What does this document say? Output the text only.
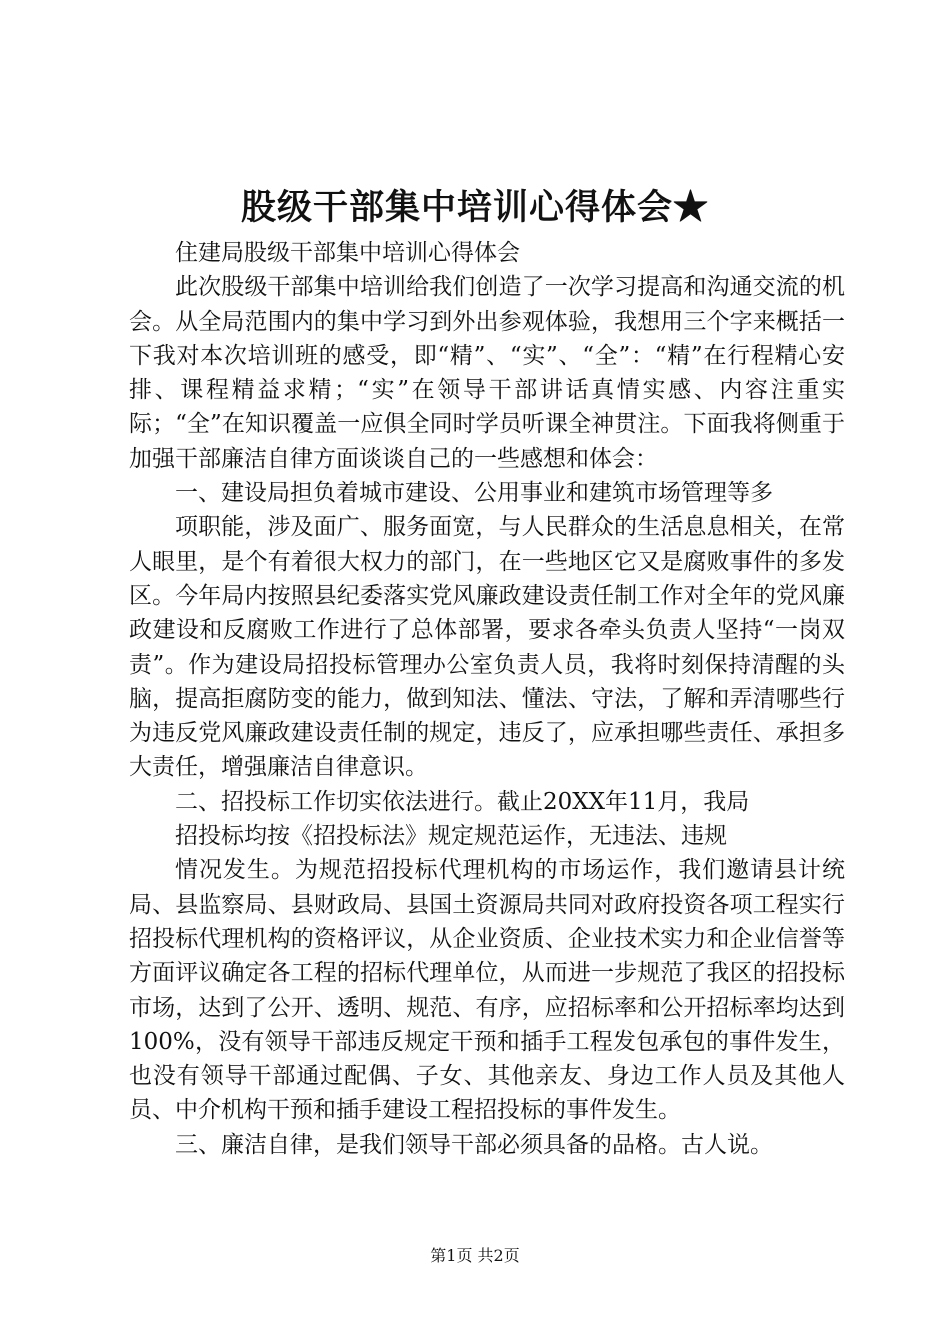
股级干部集中培训心得体会★

住建局股级干部集中培训心得体会

此次股级干部集中培训给我们创造了一次学习提高和沟通交流的机会。从全局范围内的集中学习到外出参观体验，我想用三个字来概括一下我对本次培训班的感受，即“精”、“实”、“全”：“精”在行程精心安排、课程精益求精；“实”在领导干部讲话真情实感、内容注重实际；“全”在知识覆盖一应俱全同时学员听课全神贯注。下面我将侧重于加强干部廉洁自律方面谈谈自己的一些感想和体会：

一、建设局担负着城市建设、公用事业和建筑市场管理等多

项职能，涉及面广、服务面宽，与人民群众的生活息息相关，在常人眼里，是个有着很大权力的部门，在一些地区它又是腐败事件的多发区。今年局内按照县纪委落实党风廉政建设责任制工作对全年的党风廉政建设和反腐败工作进行了总体部署，要求各牵头负责人坚持“一岗双责”。作为建设局招投标管理办公室负责人员，我将时刻保持清醒的头脑，提高拒腐防变的能力，做到知法、懂法、守法，了解和弄清哪些行为违反党风廉政建设责任制的规定，违反了，应承担哪些责任、承担多大责任，增强廉洁自律意识。

二、招投标工作切实依法进行。截止20XX年11月，我局

招投标均按《招投标法》规定规范运作，无违法、违规

情况发生。为规范招投标代理机构的市场运作，我们邀请县计统局、县监察局、县财政局、县国土资源局共同对政府投资各项工程实行招投标代理机构的资格评议，从企业资质、企业技术实力和企业信誉等方面评议确定各工程的招标代理单位，从而进一步规范了我区的招投标市场，达到了公开、透明、规范、有序，应招标率和公开招标率均达到100%，没有领导干部违反规定干预和插手工程发包承包的事件发生，也没有领导干部通过配偶、子女、其他亲友、身边工作人员及其他人员、中介机构干预和插手建设工程招投标的事件发生。

三、廉洁自律，是我们领导干部必须具备的品格。古人说。

第1页 共2页
